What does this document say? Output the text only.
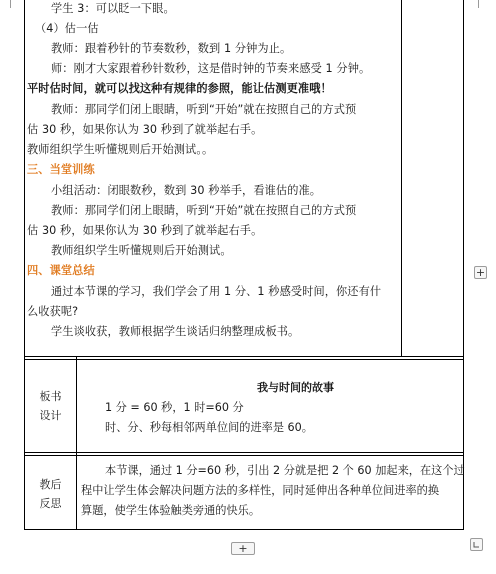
学生 3：可以眨一下眼。
（4）估一估
教师：跟着秒针的节奏数秒，数到 1 分钟为止。
师：刚才大家跟着秒针数秒，这是借时钟的节奏来感受 1 分钟。
平时估时间，就可以找这种有规律的参照，能让估测更准哦！
教师：那同学们闭上眼睛，听到“开始”就在按照自己的方式预
估 30 秒，如果你认为 30 秒到了就举起右手。
教师组织学生听懂规则后开始测试。。
三、当堂训练
小组活动：闭眼数秒，数到 30 秒举手，看谁估的准。
教师：那同学们闭上眼睛，听到“开始”就在按照自己的方式预
估 30 秒，如果你认为 30 秒到了就举起右手。
教师组织学生听懂规则后开始测试。
四、课堂总结
通过本节课的学习，我们学会了用 1 分、1 秒感受时间，你还有什
么收获呢?
学生谈收获，教师根据学生谈话归纳整理成板书。
板书
设计
我与时间的故事
1 分 = 60 秒，1 时=60 分
时、分、秒每相邻两单位间的进率是 60。
教后
反思
本节课，通过 1 分=60 秒，引出 2 分就是把 2 个 60 加起来，在这个过
程中让学生体会解决问题方法的多样性，同时延伸出各种单位间进率的换
算题，使学生体验触类旁通的快乐。
+
+
